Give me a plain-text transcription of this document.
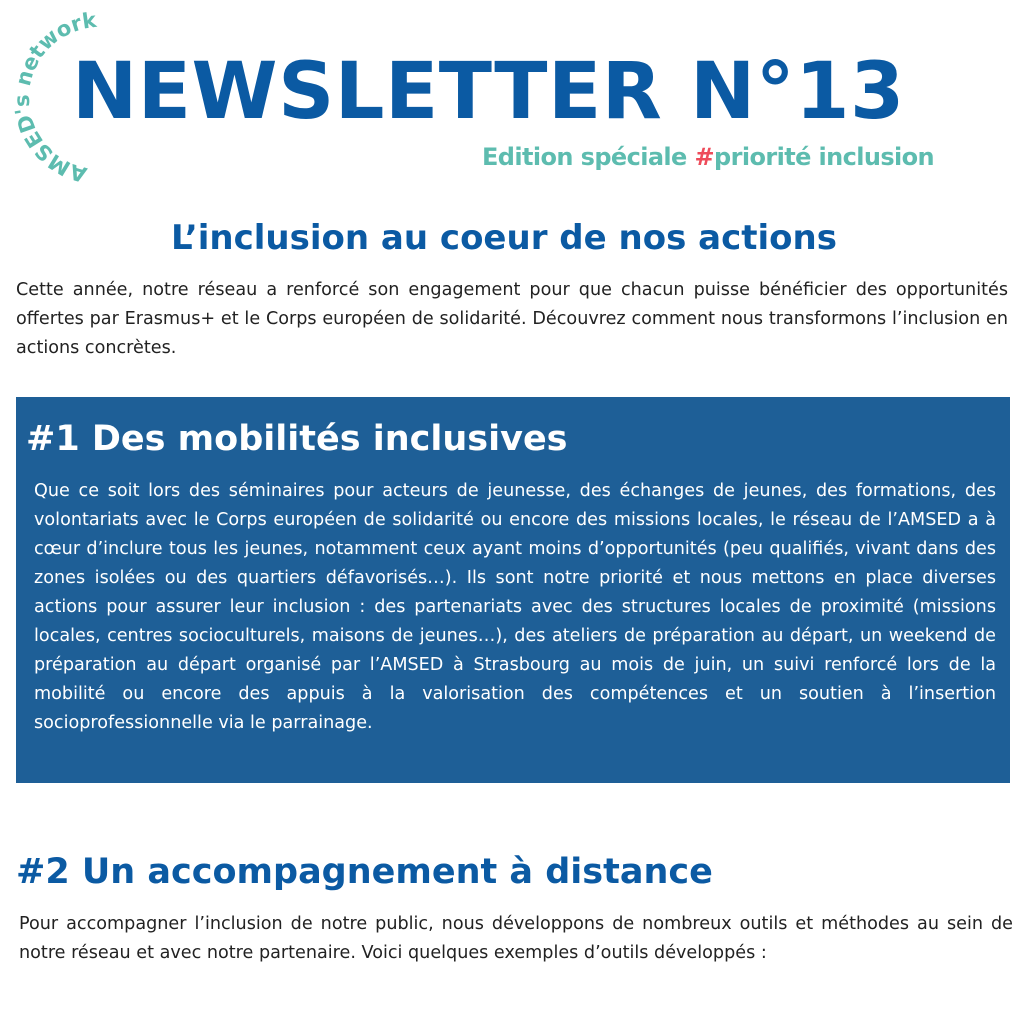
AMSED's network
NEWSLETTER N°13
Edition spéciale #priorité inclusion
L’inclusion au coeur de nos actions
Cette année, notre réseau a renforcé son engagement pour que chacun puisse bénéficier des opportunités offertes par Erasmus+ et le Corps européen de solidarité. Découvrez comment nous transformons l’inclusion en actions concrètes.
#1 Des mobilités inclusives
Que ce soit lors des séminaires pour acteurs de jeunesse, des échanges de jeunes, des formations, des volontariats avec le Corps européen de solidarité ou encore des missions locales, le réseau de l’AMSED a à cœur d’inclure tous les jeunes, notamment ceux ayant moins d’opportunités (peu qualifiés, vivant dans des zones isolées ou des quartiers défavorisés…). Ils sont notre priorité et nous mettons en place diverses actions pour assurer leur inclusion : des partenariats avec des structures locales de proximité (missions locales, centres socioculturels, maisons de jeunes…), des ateliers de préparation au départ, un weekend de préparation au départ organisé par l’AMSED à Strasbourg au mois de juin, un suivi renforcé lors de la mobilité ou encore des appuis à la valorisation des compétences et un soutien à l’insertion socioprofessionnelle via le parrainage.
#2 Un accompagnement à distance
Pour accompagner l’inclusion de notre public, nous développons de nombreux outils et méthodes au sein de notre réseau et avec notre partenaire. Voici quelques exemples d’outils développés :
